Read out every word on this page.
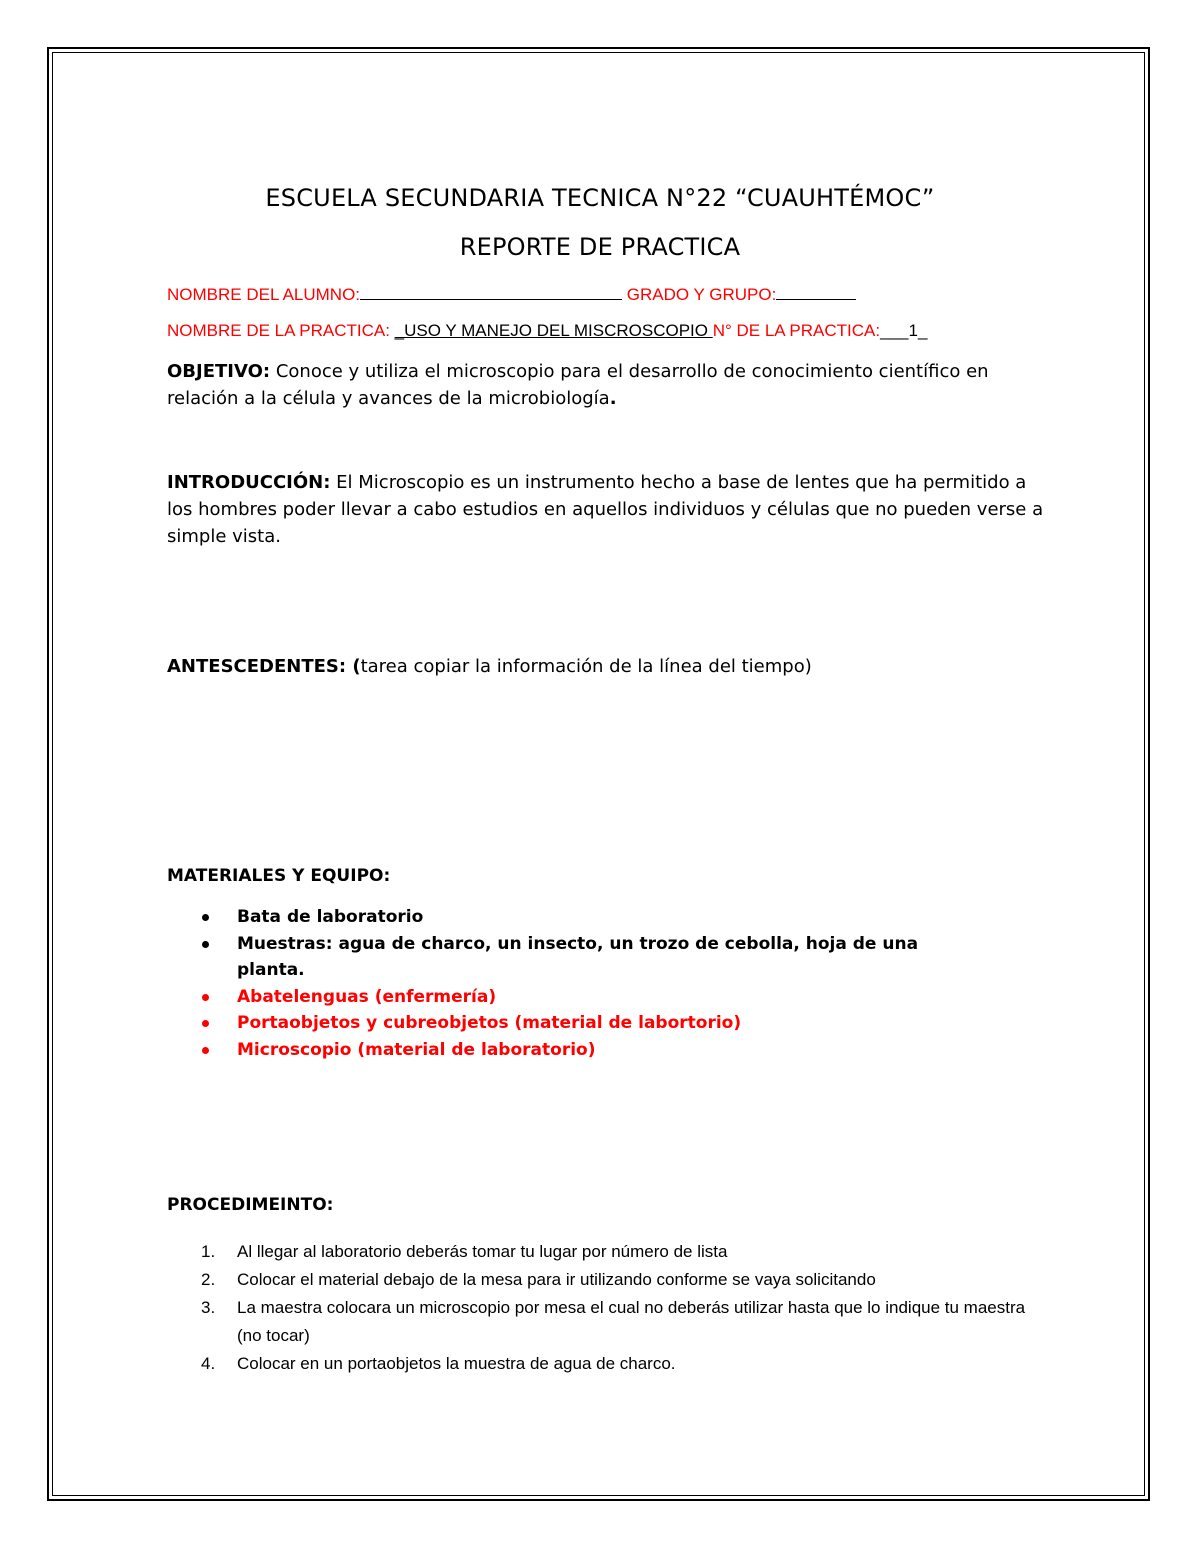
ESCUELA SECUNDARIA TECNICA N°22 “CUAUHTÉMOC”
REPORTE DE PRACTICA
NOMBRE DEL ALUMNO:	GRADO Y GRUPO:
NOMBRE DE LA PRACTICA: _USO Y MANEJO DEL MISCROSCOPIO N° DE LA PRACTICA:___1_
OBJETIVO: Conoce y utiliza el microscopio para el desarrollo de conocimiento científico en relación a la célula y avances de la microbiología.
INTRODUCCIÓN: El Microscopio es un instrumento hecho a base de lentes que ha permitido a los hombres poder llevar a cabo estudios en aquellos individuos y células que no pueden verse a simple vista.
ANTESCEDENTES: (tarea copiar la información de la línea del tiempo)
MATERIALES Y EQUIPO:
Bata de laboratorio
Muestras: agua de charco, un insecto, un trozo de cebolla, hoja de una planta.
Abatelenguas (enfermería)
Portaobjetos y cubreobjetos (material de labortorio)
Microscopio (material de laboratorio)
PROCEDIMEINTO:
1. Al llegar al laboratorio deberás tomar tu lugar por número de lista
2. Colocar el material debajo de la mesa para ir utilizando conforme se vaya solicitando
3. La maestra colocara un microscopio por mesa el cual no deberás utilizar hasta que lo indique tu maestra (no tocar)
4. Colocar en un portaobjetos la muestra de agua de charco.
